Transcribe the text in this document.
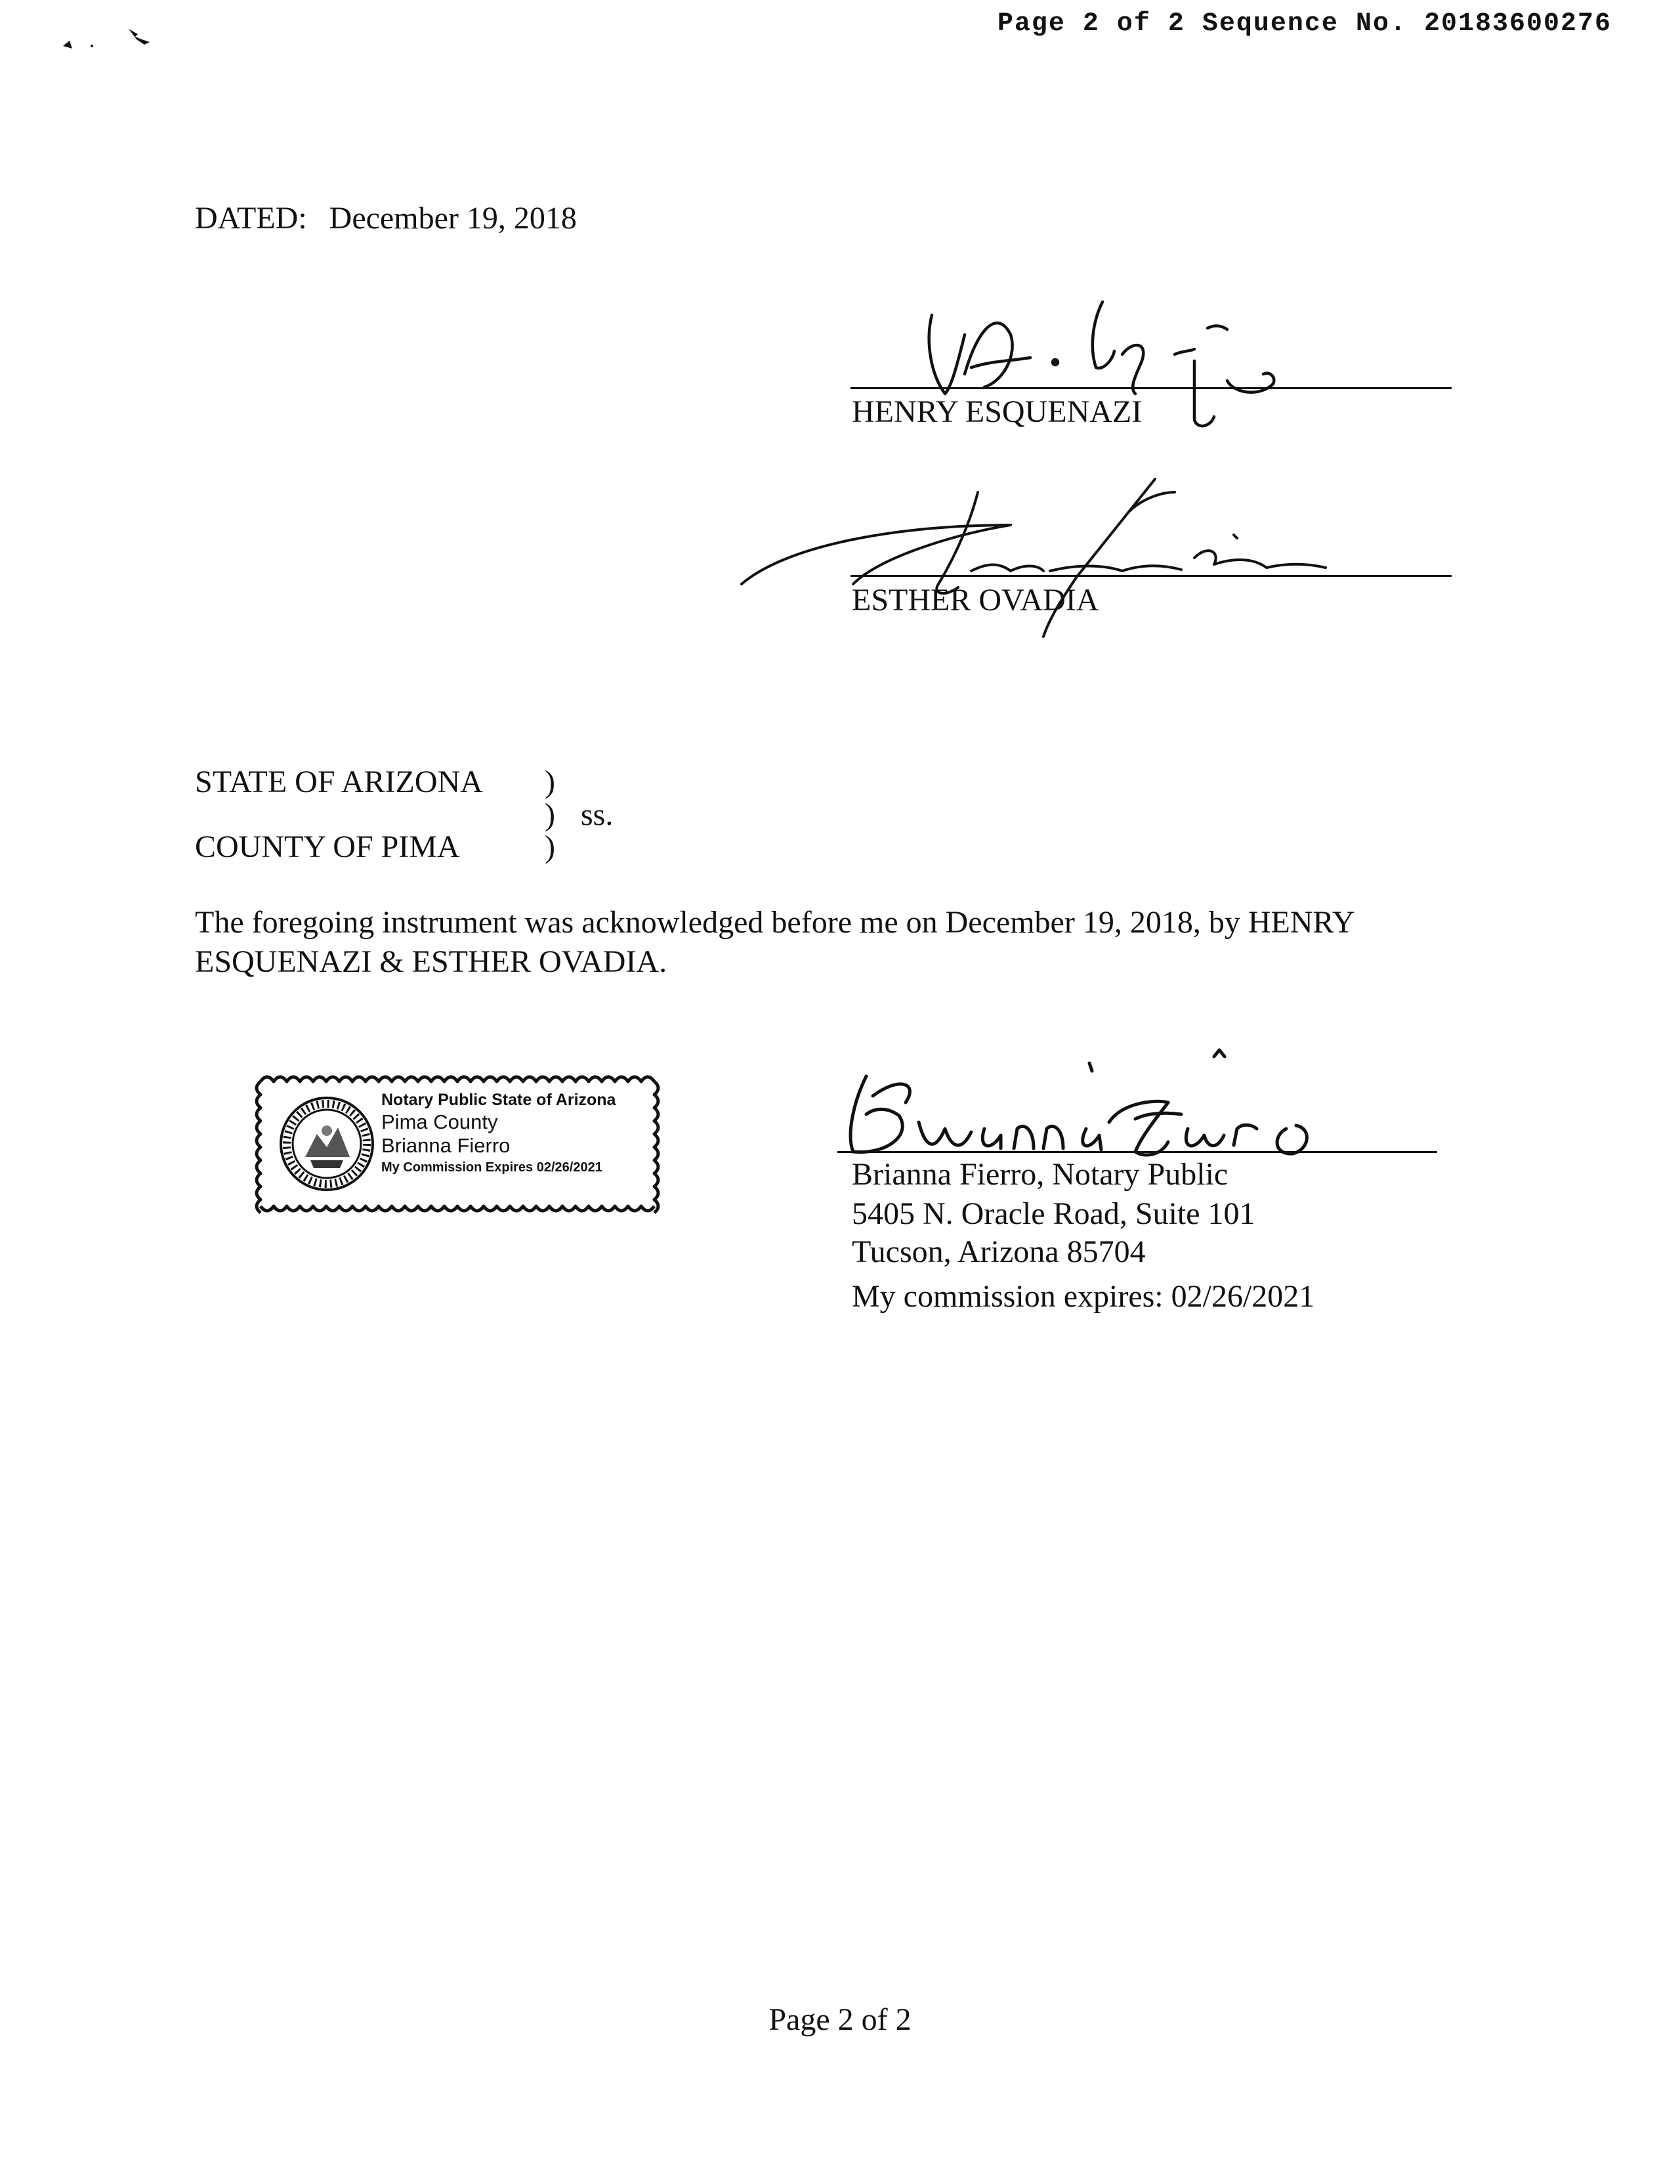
Page 2 of 2 Sequence No. 20183600276
DATED: December 19, 2018
HENRY ESQUENAZI
ESTHER OVADIA
STATE OF ARIZONA
COUNTY OF PIMA
)
)
)
ss.
The foregoing instrument was acknowledged before me on December 19, 2018, by HENRY ESQUENAZI & ESTHER OVADIA.
Notary Public State of Arizona
Pima County
Brianna Fierro
My Commission Expires 02/26/2021	Brianna Fierro, Notary Public
5405 N. Oracle Road, Suite 101
Tucson, Arizona 85704
My commission expires: 02/26/2021
Page 2 of 2
